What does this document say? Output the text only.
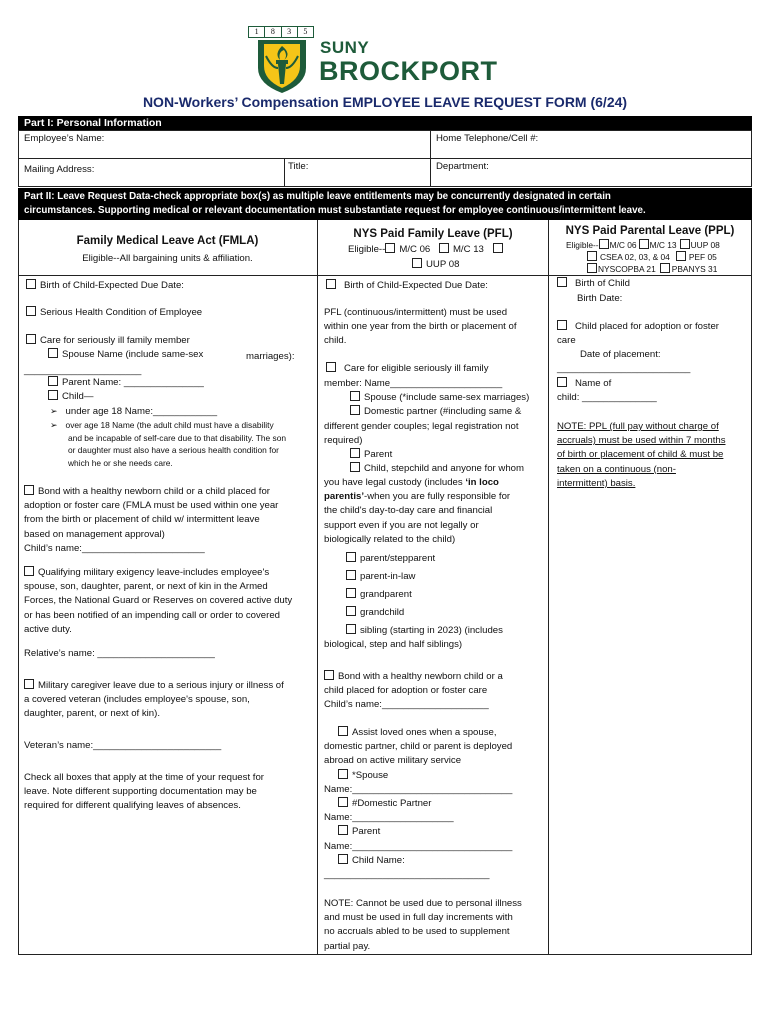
1	8	3	5
SUNY
BROCKPORT
NON-Workers’ Compensation EMPLOYEE LEAVE REQUEST FORM (6/24)
Part I: Personal Information
Employee’s Name:	Home Telephone/Cell #:
Mailing Address:	Title:	Department:
Part II: Leave Request Data-check appropriate box(s) as multiple leave entitlements may be concurrently designated in certain
circumstances. Supporting medical or relevant documentation must substantiate request for employee continuous/intermittent leave.
Family Medical Leave Act (FMLA)
Eligible--All bargaining units & affiliation.
Birth of Child-Expected Due Date:
Serious Health Condition of Employee
Care for seriously ill family member
Spouse Name (include same-sex	marriages):
______________________
Parent Name: _______________
Child—
➢ under age 18 Name:____________
➢ over age 18 Name (the adult child must have a disability
and be incapable of self-care due to that disability. The son
or daughter must also have a serious health condition for
which he or she needs care.
Bond with a healthy newborn child or a child placed for
adoption or foster care (FMLA must be used within one year
from the birth or placement of child w/ intermittent leave
based on management approval)
Child’s name:_______________________
Qualifying military exigency leave-includes employee's
spouse, son, daughter, parent, or next of kin in the Armed
Forces, the National Guard or Reserves on covered active duty
or has been notified of an impending call or order to covered
active duty.
Relative’s name: ______________________
Military caregiver leave due to a serious injury or illness of
a covered veteran (includes employee's spouse, son,
daughter, parent, or next of kin).
Veteran’s name:________________________
Check all boxes that apply at the time of your request for
leave. Note different supporting documentation may be
required for different qualifying leaves of absences.
NYS Paid Family Leave (PFL)
Eligible-- M/C 06 M/C 13
UUP 08
Birth of Child-Expected Due Date:
PFL (continuous/intermittent) must be used
within one year from the birth or placement of
child.
Care for eligible seriously ill family
member: Name_____________________
Spouse (*include same-sex marriages)
Domestic partner (#including same &
different gender couples; legal registration not
required)
Parent
Child, stepchild and anyone for whom
you have legal custody (includes ‘in loco
parentis’-when you are fully responsible for
the child's day-to-day care and financial
support even if you are not legally or
biologically related to the child)
parent/stepparent
parent-in-law
grandparent
grandchild
sibling (starting in 2023) (includes
biological, step and half siblings)
Bond with a healthy newborn child or a
child placed for adoption or foster care
Child’s name:____________________
Assist loved ones when a spouse,
domestic partner, child or parent is deployed
abroad on active military service
*Spouse
Name:______________________________
#Domestic Partner
Name:___________________
Parent
Name:______________________________
Child Name:
_______________________________
NOTE: Cannot be used due to personal illness
and must be used in full day increments with
no accruals abled to be used to supplement
partial pay.
NYS Paid Parental Leave (PPL)
Eligible-- M/C 06 M/C 13 UUP 08
CSEA 02, 03, & 04 PEF 05
NYSCOPBA 21 PBANYS 31
Birth of Child
Birth Date:
Child placed for adoption or foster
care
Date of placement:
_________________________
Name of
child: ______________
NOTE: PPL (full pay without charge of
accruals) must be used within 7 months
of birth or placement of child & must be
taken on a continuous (non-
intermittent) basis.
